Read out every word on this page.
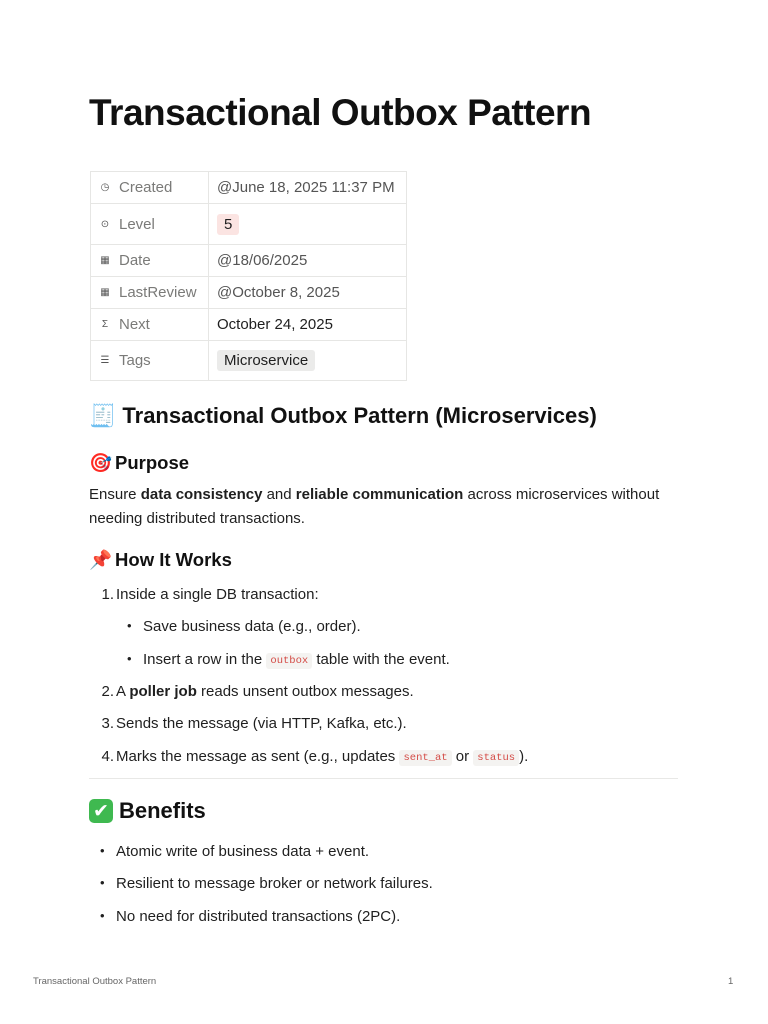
Transactional Outbox Pattern
◷ Created	@June 18, 2025 11:37 PM

⊙ Level	5

▦ Date	@18/06/2025

▦ LastReview	@October 8, 2025

Σ Next	October 24, 2025

☰ Tags	Microservice
🧾 Transactional Outbox Pattern (Microservices)
🎯 Purpose
Ensure data consistency and reliable communication across microservices without needing distributed transactions.
📌 How It Works
1. Inside a single DB transaction:
• Save business data (e.g., order).
• Insert a row in the outbox table with the event.
2. A poller job reads unsent outbox messages.
3. Sends the message (via HTTP, Kafka, etc.).
4. Marks the message as sent (e.g., updates sent_at or status ).
✔ Benefits
• Atomic write of business data + event.
• Resilient to message broker or network failures.
• No need for distributed transactions (2PC).
Transactional Outbox Pattern	1
